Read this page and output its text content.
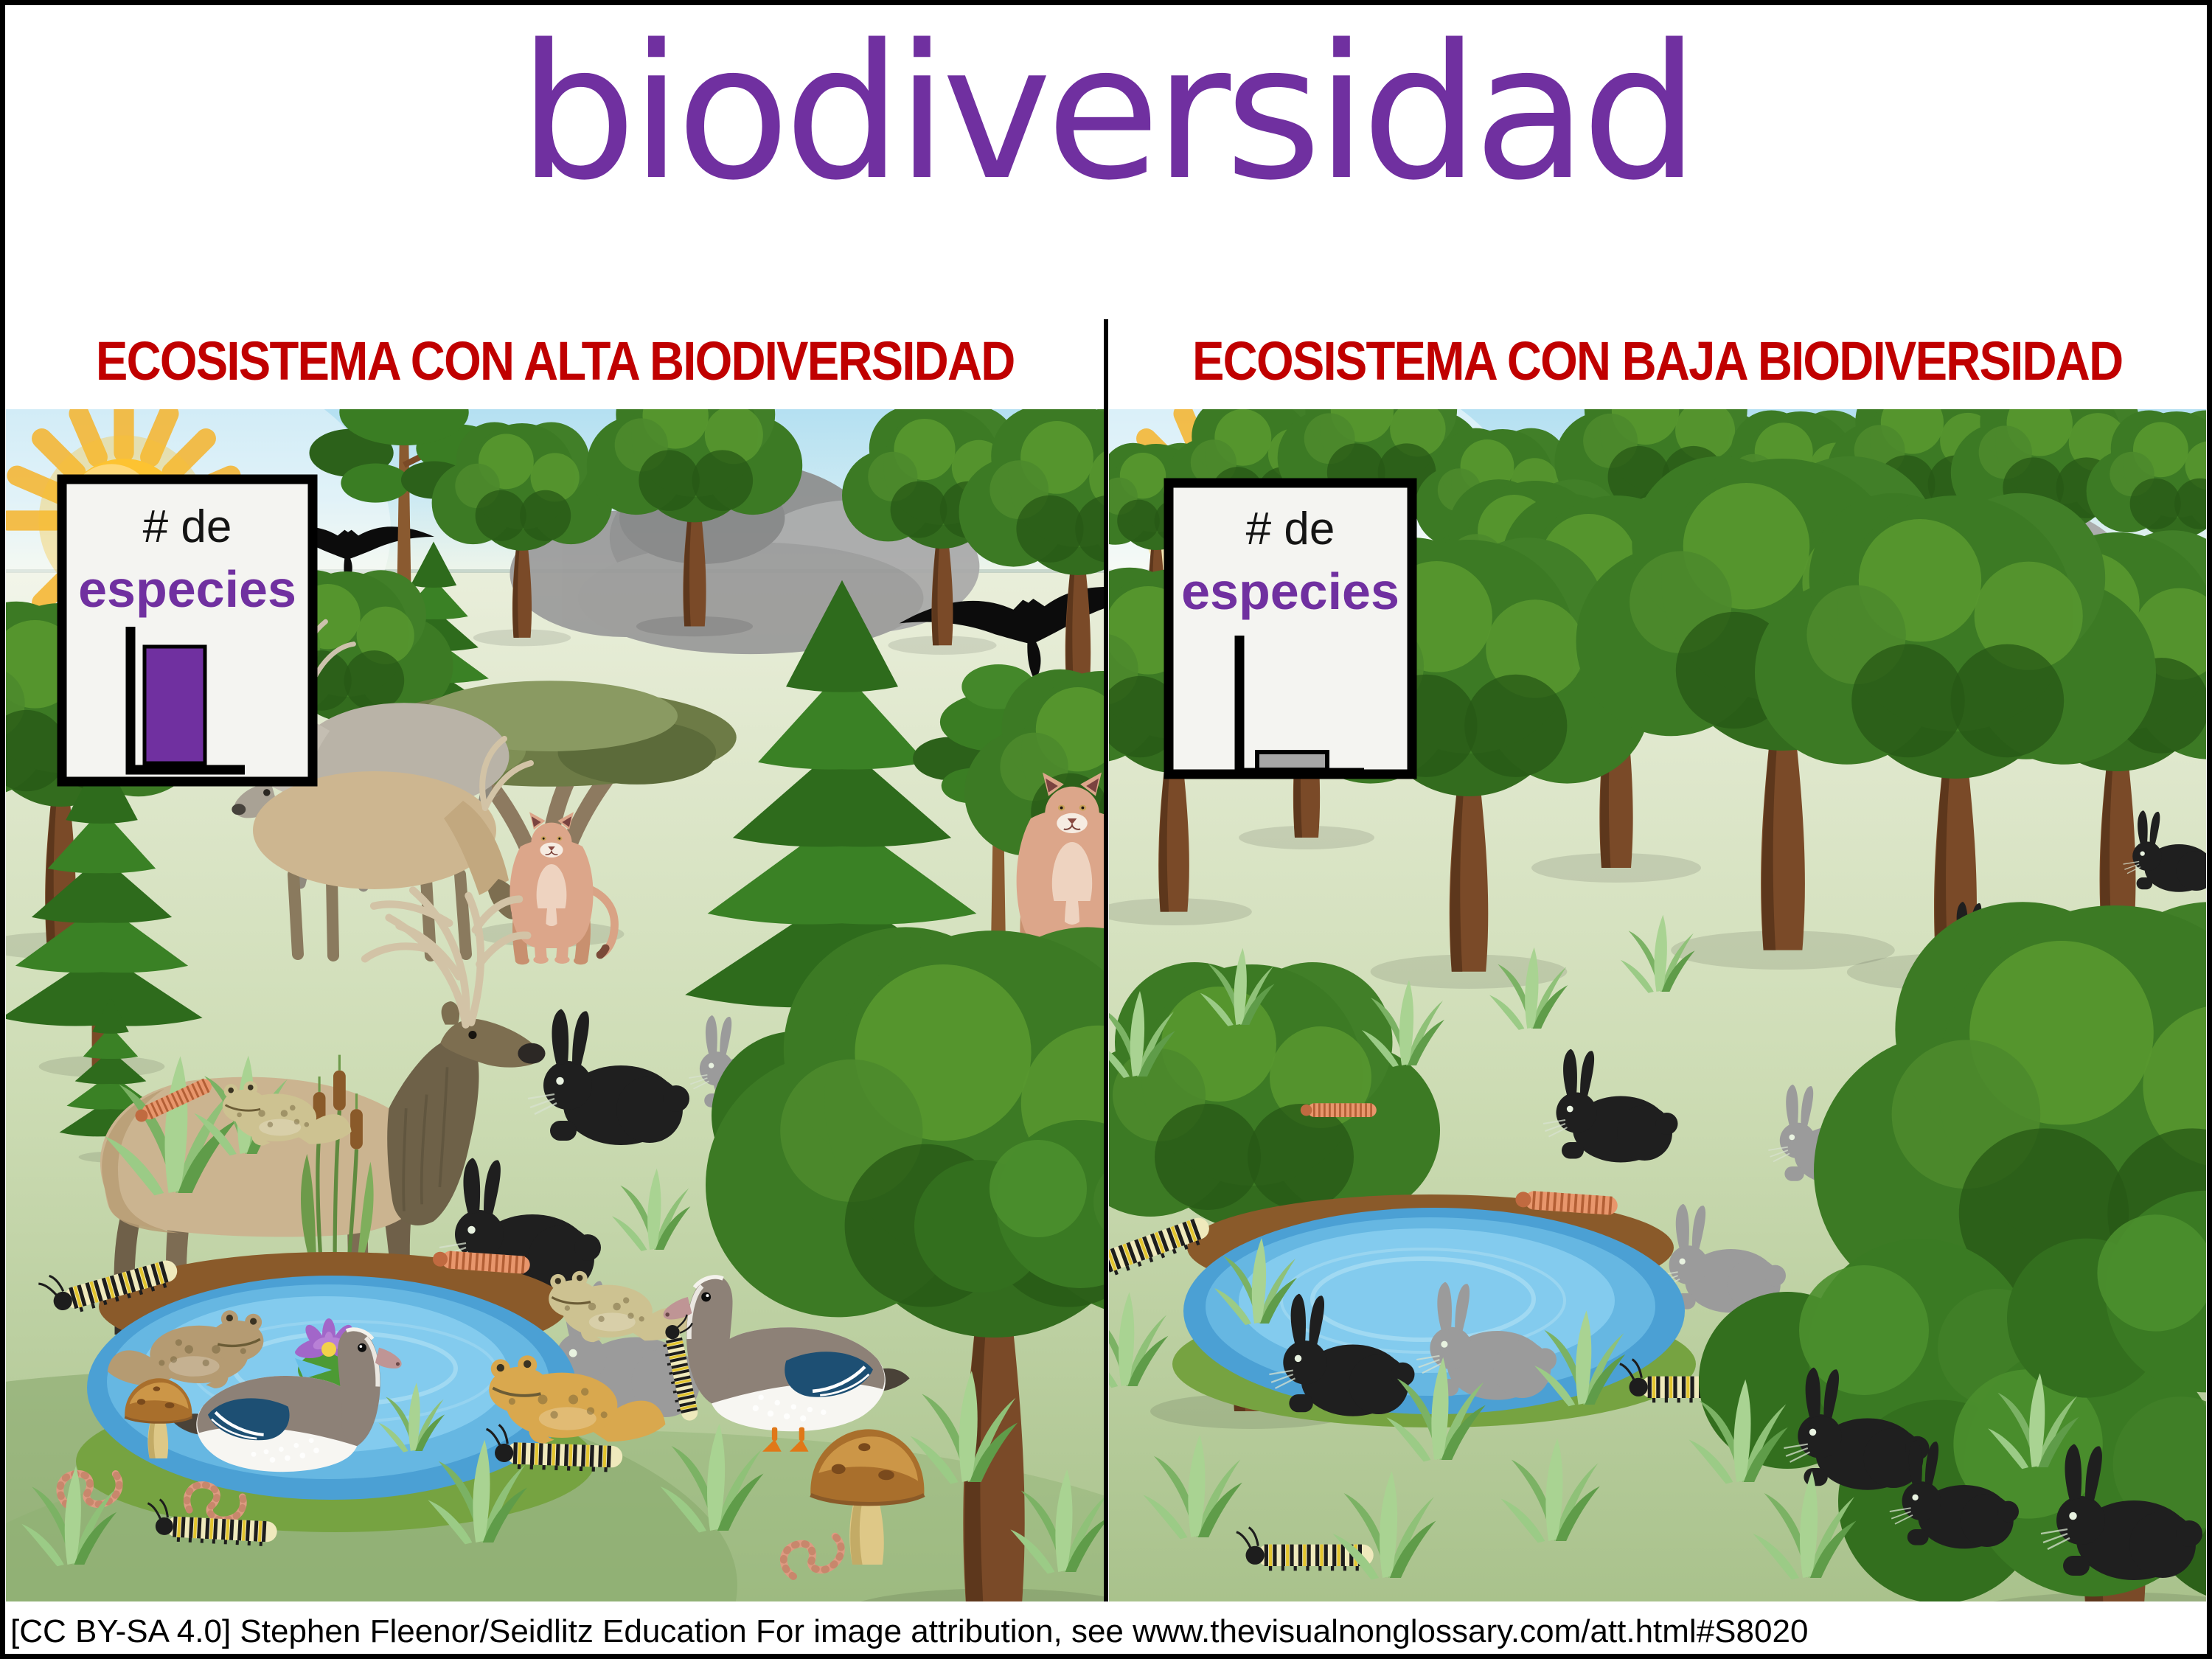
biodiversidad
ECOSISTEMA CON ALTA BIODIVERSIDAD	ECOSISTEMA CON BAJA BIODIVERSIDAD
# de
especies
# de
especies
[CC BY-SA 4.0] Stephen Fleenor/Seidlitz Education For image attribution, see www.thevisualnonglossary.com/att.html#S8020
